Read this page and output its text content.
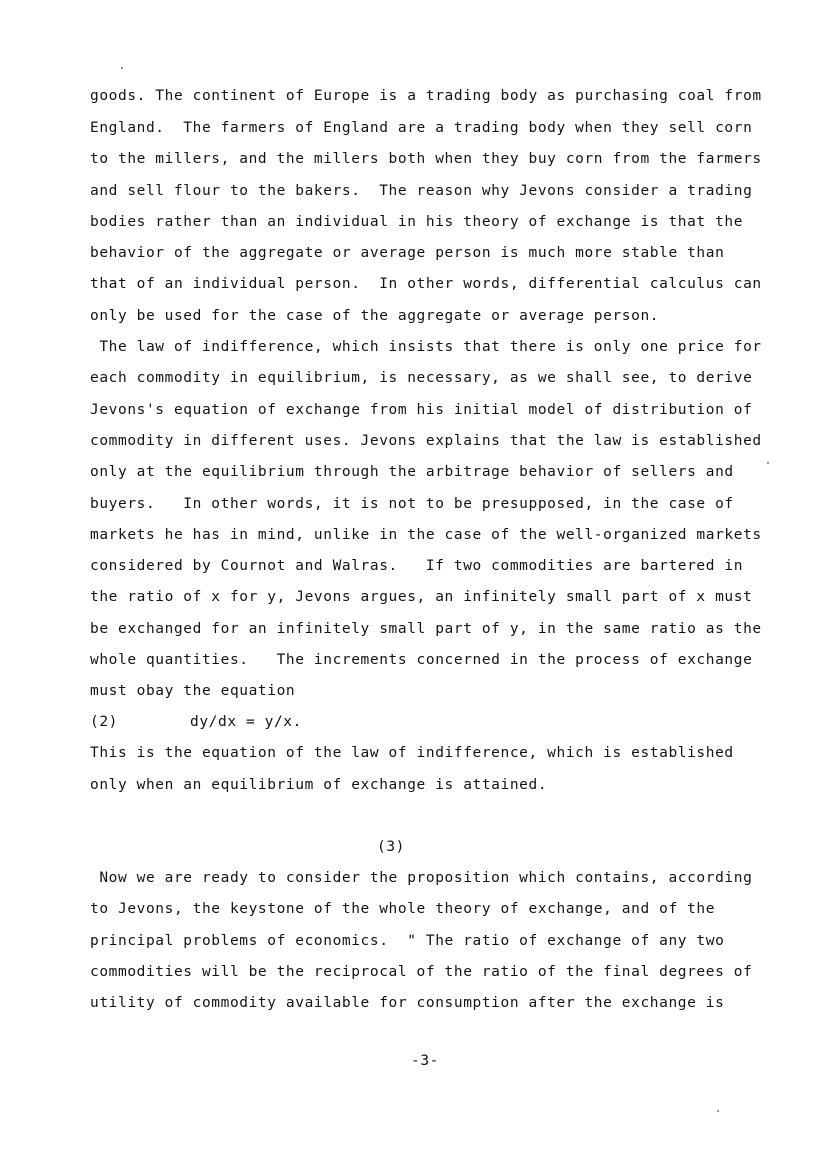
goods. The continent of Europe is a trading body as purchasing coal from
England.  The farmers of England are a trading body when they sell corn
to the millers, and the millers both when they buy corn from the farmers
and sell flour to the bakers.  The reason why Jevons consider a trading
bodies rather than an individual in his theory of exchange is that the
behavior of the aggregate or average person is much more stable than
that of an individual person.  In other words, differential calculus can
only be used for the case of the aggregate or average person.
The law of indifference, which insists that there is only one price for
each commodity in equilibrium, is necessary, as we shall see, to derive
Jevons's equation of exchange from his initial model of distribution of
commodity in different uses. Jevons explains that the law is established
only at the equilibrium through the arbitrage behavior of sellers and
buyers.   In other words, it is not to be presupposed, in the case of
markets he has in mind, unlike in the case of the well-organized markets
considered by Cournot and Walras.   If two commodities are bartered in
the ratio of x for y, Jevons argues, an infinitely small part of x must
be exchanged for an infinitely small part of y, in the same ratio as the
whole quantities.   The increments concerned in the process of exchange
must obay the equation
(2)	dy/dx = y/x.
This is the equation of the law of indifference, which is established
only when an equilibrium of exchange is attained.
(3)
Now we are ready to consider the proposition which contains, according
to Jevons, the keystone of the whole theory of exchange, and of the
principal problems of economics.  " The ratio of exchange of any two
commodities will be the reciprocal of the ratio of the final degrees of
utility of commodity available for consumption after the exchange is
-3-
